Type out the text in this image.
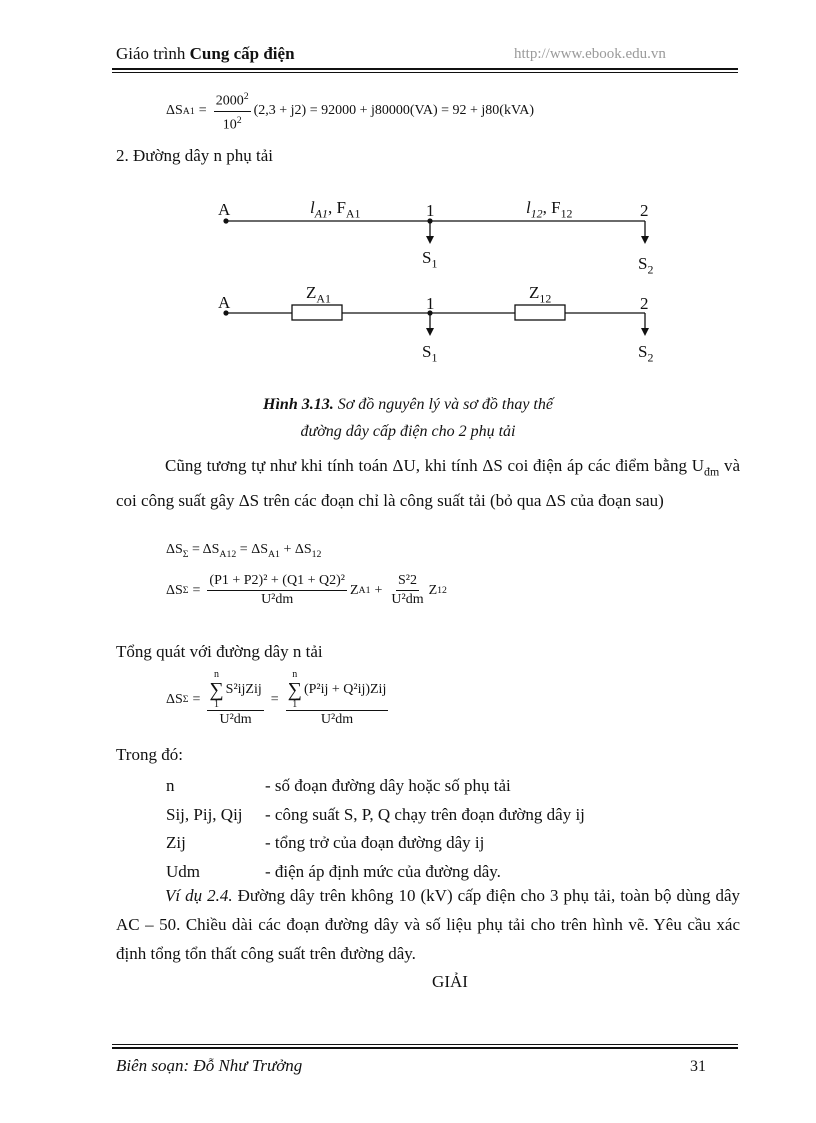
Giáo trình Cung cấp điện	http://www.ebook.edu.vn
ΔS $A1 = \frac{2000^2}{10^2} (2,3 + j2) = 92000 + j80000(VA) = 92 + j80(kVA)$
2. Đường dây n phụ tải
A	$l_{A1}$, $F_{A1}$	1	$l_{12}$, $F_{12}$	2
$S_1$	$S_2$
A
$Z_{A1}$	1
$Z_{12}$	2
$S_1$	$S_2$
Hình 3.13. Sơ đồ nguyên lý và sơ đồ thay thế
đường dây cấp điện cho 2 phụ tải
Cũng tương tự như khi tính toán ΔU, khi tính ΔS coi điện áp các điểm bằng $U_{đm}$ và coi công suất gây ΔS trên các đoạn chỉ là công suất tải (bỏ qua ΔS của đoạn sau)
$\Delta S_\Sigma = \Delta S_{A12} = \Delta S_{A1} + \Delta S_{12}$
ΔS $\Sigma = \frac{\text{(P1 + P2)² + (Q1 + Q2)²}}{\text{U²dm}}$ Z $A1 + \frac{\text{S²2}}{\text{U²dm}}$ Z 12
Tổng quát với đường dây n tải
ΔS Σ = n
∑
1
S²ijZij
U²dm = n
∑
1
(P²ij + Q²ij)Zij
U²dm
Trong đó:
n	- số đoạn đường dây hoặc số phụ tải
Sij, Pij, Qij - công suất S, P, Q chạy trên đoạn đường dây ij
Zij	- tổng trở của đoạn đường dây ij
Udm	- điện áp định mức của đường dây.
Ví dụ 2.4. Đường dây trên không 10 (kV) cấp điện cho 3 phụ tải, toàn bộ dùng dây AC – 50. Chiều dài các đoạn đường dây và số liệu phụ tải cho trên hình vẽ. Yêu cầu xác định tổng tổn thất công suất trên đường dây.
GIẢI
Biên soạn: Đỗ Như Trưởng	31
